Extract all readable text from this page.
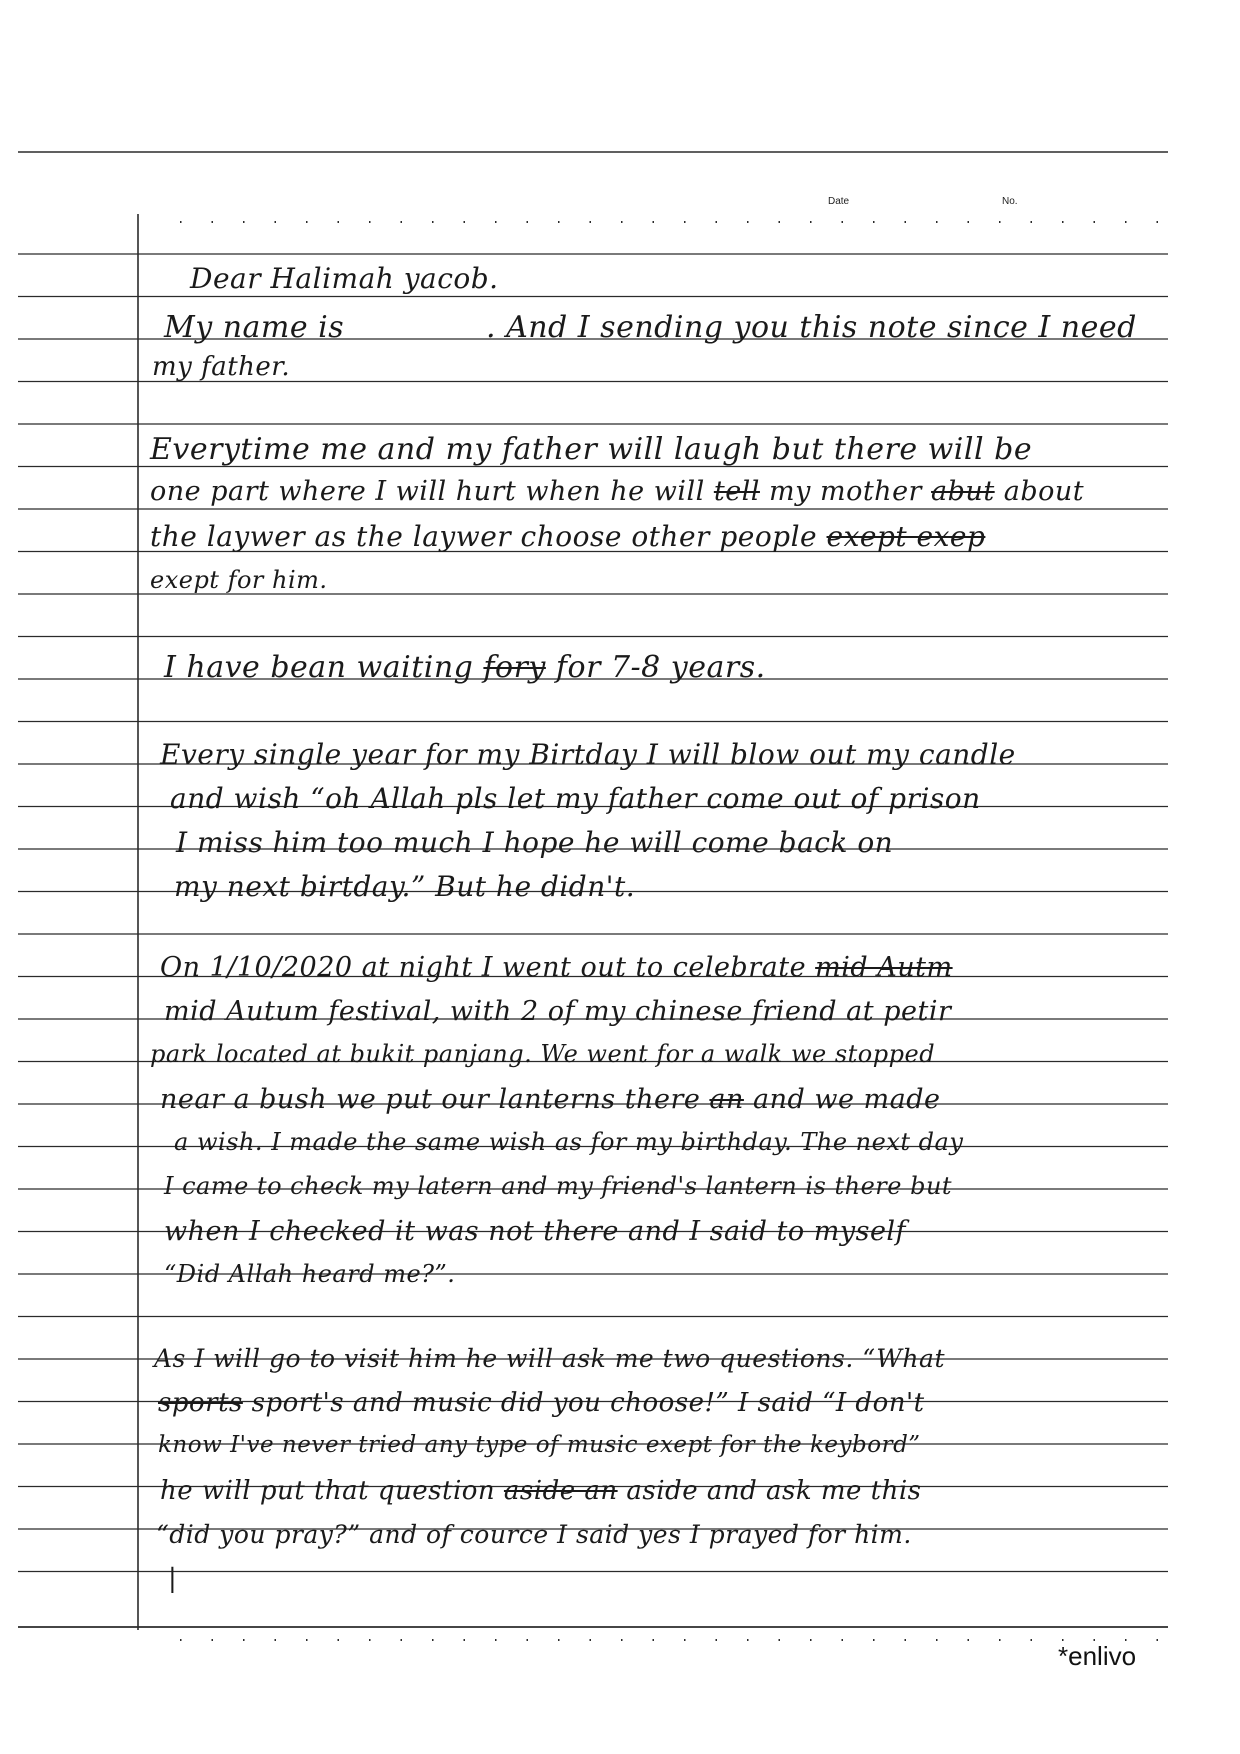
Date	No.
Dear Halimah yacob.
My name is	. And I sending you this note since I need
my father.
Everytime me and my father will laugh but there will be
one part where I will hurt when he will tell my mother abut about
the laywer as the laywer choose other people exept exep
exept for him.
I have bean waiting fory for 7-8 years.
Every single year for my Birtday I will blow out my candle
and wish “oh Allah pls let my father come out of prison
I miss him too much I hope he will come back on
my next birtday.” But he didn't.
On 1/10/2020 at night I went out to celebrate mid Autm
mid Autum festival, with 2 of my chinese friend at petir
park located at bukit panjang. We went for a walk we stopped
near a bush we put our lanterns there an and we made
a wish. I made the same wish as for my birthday. The next day
I came to check my latern and my friend's lantern is there but
when I checked it was not there and I said to myself
“Did Allah heard me?”.
As I will go to visit him he will ask me two questions. “What
sports sport's and music did you choose!” I said “I don't
know I've never tried any type of music exept for the keybord”
he will put that question aside an aside and ask me this
“did you pray?” and of cource I said yes I prayed for him.
|
*enlivo
